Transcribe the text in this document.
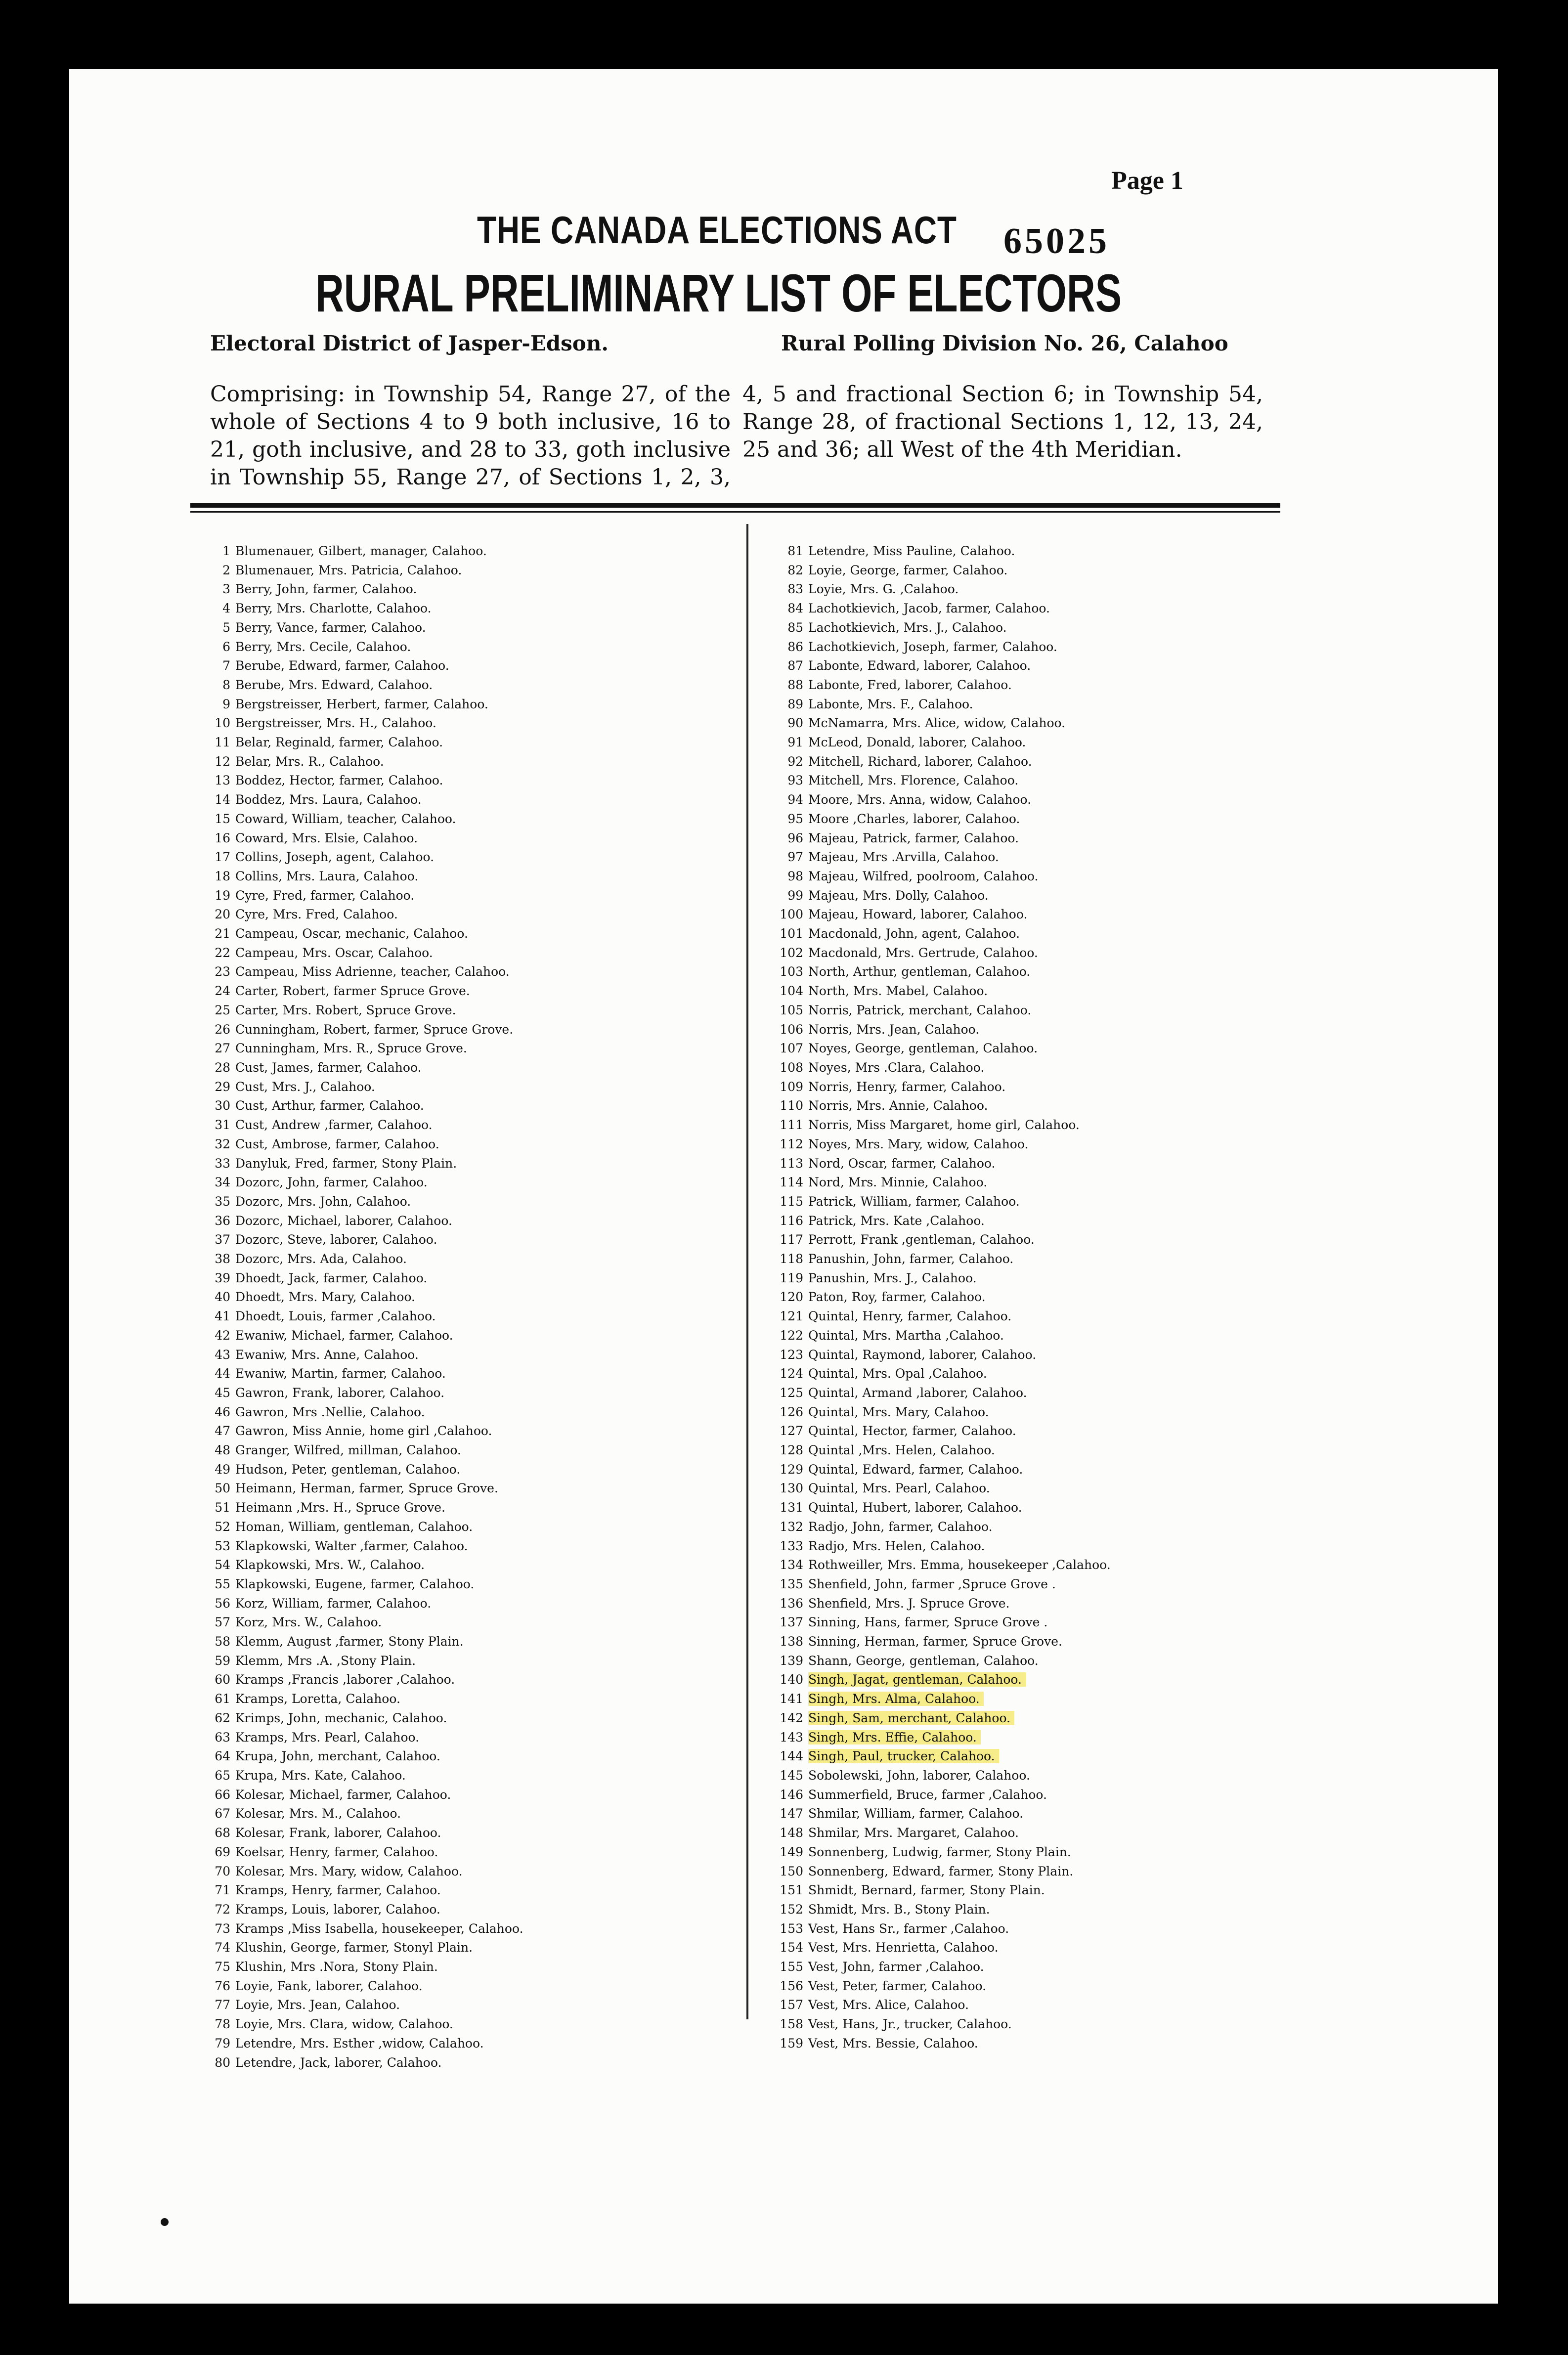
Page 1
THE CANADA ELECTIONS ACT 65025
RURAL PRELIMINARY LIST OF ELECTORS
Electoral District of Jasper-Edson.	Rural Polling Division No. 26, Calahoo
Comprising: in Township 54, Range 27, of the whole of Sections 4 to 9 both inclusive, 16 to 21, goth inclusive, and 28 to 33, goth inclusive in Township 55, Range 27, of Sections 1, 2, 3, 4, 5 and fractional Section 6; in Township 54, Range 28, of fractional Sections 1, 12, 13, 24, 25 and 36; all West of the 4th Meridian.
1 Blumenauer, Gilbert, manager, Calahoo.
2 Blumenauer, Mrs. Patricia, Calahoo.
3 Berry, John, farmer, Calahoo.
4 Berry, Mrs. Charlotte, Calahoo.
5 Berry, Vance, farmer, Calahoo.
6 Berry, Mrs. Cecile, Calahoo.
7 Berube, Edward, farmer, Calahoo.
8 Berube, Mrs. Edward, Calahoo.
9 Bergstreisser, Herbert, farmer, Calahoo.
10 Bergstreisser, Mrs. H., Calahoo.
11 Belar, Reginald, farmer, Calahoo.
12 Belar, Mrs. R., Calahoo.
13 Boddez, Hector, farmer, Calahoo.
14 Boddez, Mrs. Laura, Calahoo.
15 Coward, William, teacher, Calahoo.
16 Coward, Mrs. Elsie, Calahoo.
17 Collins, Joseph, agent, Calahoo.
18 Collins, Mrs. Laura, Calahoo.
19 Cyre, Fred, farmer, Calahoo.
20 Cyre, Mrs. Fred, Calahoo.
21 Campeau, Oscar, mechanic, Calahoo.
22 Campeau, Mrs. Oscar, Calahoo.
23 Campeau, Miss Adrienne, teacher, Calahoo.
24 Carter, Robert, farmer Spruce Grove.
25 Carter, Mrs. Robert, Spruce Grove.
26 Cunningham, Robert, farmer, Spruce Grove.
27 Cunningham, Mrs. R., Spruce Grove.
28 Cust, James, farmer, Calahoo.
29 Cust, Mrs. J., Calahoo.
30 Cust, Arthur, farmer, Calahoo.
31 Cust, Andrew ,farmer, Calahoo.
32 Cust, Ambrose, farmer, Calahoo.
33 Danyluk, Fred, farmer, Stony Plain.
34 Dozorc, John, farmer, Calahoo.
35 Dozorc, Mrs. John, Calahoo.
36 Dozorc, Michael, laborer, Calahoo.
37 Dozorc, Steve, laborer, Calahoo.
38 Dozorc, Mrs. Ada, Calahoo.
39 Dhoedt, Jack, farmer, Calahoo.
40 Dhoedt, Mrs. Mary, Calahoo.
41 Dhoedt, Louis, farmer ,Calahoo.
42 Ewaniw, Michael, farmer, Calahoo.
43 Ewaniw, Mrs. Anne, Calahoo.
44 Ewaniw, Martin, farmer, Calahoo.
45 Gawron, Frank, laborer, Calahoo.
46 Gawron, Mrs .Nellie, Calahoo.
47 Gawron, Miss Annie, home girl ,Calahoo.
48 Granger, Wilfred, millman, Calahoo.
49 Hudson, Peter, gentleman, Calahoo.
50 Heimann, Herman, farmer, Spruce Grove.
51 Heimann ,Mrs. H., Spruce Grove.
52 Homan, William, gentleman, Calahoo.
53 Klapkowski, Walter ,farmer, Calahoo.
54 Klapkowski, Mrs. W., Calahoo.
55 Klapkowski, Eugene, farmer, Calahoo.
56 Korz, William, farmer, Calahoo.
57 Korz, Mrs. W., Calahoo.
58 Klemm, August ,farmer, Stony Plain.
59 Klemm, Mrs .A. ,Stony Plain.
60 Kramps ,Francis ,laborer ,Calahoo.
61 Kramps, Loretta, Calahoo.
62 Krimps, John, mechanic, Calahoo.
63 Kramps, Mrs. Pearl, Calahoo.
64 Krupa, John, merchant, Calahoo.
65 Krupa, Mrs. Kate, Calahoo.
66 Kolesar, Michael, farmer, Calahoo.
67 Kolesar, Mrs. M., Calahoo.
68 Kolesar, Frank, laborer, Calahoo.
69 Koelsar, Henry, farmer, Calahoo.
70 Kolesar, Mrs. Mary, widow, Calahoo.
71 Kramps, Henry, farmer, Calahoo.
72 Kramps, Louis, laborer, Calahoo.
73 Kramps ,Miss Isabella, housekeeper, Calahoo.
74 Klushin, George, farmer, Stonyl Plain.
75 Klushin, Mrs .Nora, Stony Plain.
76 Loyie, Fank, laborer, Calahoo.
77 Loyie, Mrs. Jean, Calahoo.
78 Loyie, Mrs. Clara, widow, Calahoo.
79 Letendre, Mrs. Esther ,widow, Calahoo.
80 Letendre, Jack, laborer, Calahoo.
81 Letendre, Miss Pauline, Calahoo.
82 Loyie, George, farmer, Calahoo.
83 Loyie, Mrs. G. ,Calahoo.
84 Lachotkievich, Jacob, farmer, Calahoo.
85 Lachotkievich, Mrs. J., Calahoo.
86 Lachotkievich, Joseph, farmer, Calahoo.
87 Labonte, Edward, laborer, Calahoo.
88 Labonte, Fred, laborer, Calahoo.
89 Labonte, Mrs. F., Calahoo.
90 McNamarra, Mrs. Alice, widow, Calahoo.
91 McLeod, Donald, laborer, Calahoo.
92 Mitchell, Richard, laborer, Calahoo.
93 Mitchell, Mrs. Florence, Calahoo.
94 Moore, Mrs. Anna, widow, Calahoo.
95 Moore ,Charles, laborer, Calahoo.
96 Majeau, Patrick, farmer, Calahoo.
97 Majeau, Mrs .Arvilla, Calahoo.
98 Majeau, Wilfred, poolroom, Calahoo.
99 Majeau, Mrs. Dolly, Calahoo.
100 Majeau, Howard, laborer, Calahoo.
101 Macdonald, John, agent, Calahoo.
102 Macdonald, Mrs. Gertrude, Calahoo.
103 North, Arthur, gentleman, Calahoo.
104 North, Mrs. Mabel, Calahoo.
105 Norris, Patrick, merchant, Calahoo.
106 Norris, Mrs. Jean, Calahoo.
107 Noyes, George, gentleman, Calahoo.
108 Noyes, Mrs .Clara, Calahoo.
109 Norris, Henry, farmer, Calahoo.
110 Norris, Mrs. Annie, Calahoo.
111 Norris, Miss Margaret, home girl, Calahoo.
112 Noyes, Mrs. Mary, widow, Calahoo.
113 Nord, Oscar, farmer, Calahoo.
114 Nord, Mrs. Minnie, Calahoo.
115 Patrick, William, farmer, Calahoo.
116 Patrick, Mrs. Kate ,Calahoo.
117 Perrott, Frank ,gentleman, Calahoo.
118 Panushin, John, farmer, Calahoo.
119 Panushin, Mrs. J., Calahoo.
120 Paton, Roy, farmer, Calahoo.
121 Quintal, Henry, farmer, Calahoo.
122 Quintal, Mrs. Martha ,Calahoo.
123 Quintal, Raymond, laborer, Calahoo.
124 Quintal, Mrs. Opal ,Calahoo.
125 Quintal, Armand ,laborer, Calahoo.
126 Quintal, Mrs. Mary, Calahoo.
127 Quintal, Hector, farmer, Calahoo.
128 Quintal ,Mrs. Helen, Calahoo.
129 Quintal, Edward, farmer, Calahoo.
130 Quintal, Mrs. Pearl, Calahoo.
131 Quintal, Hubert, laborer, Calahoo.
132 Radjo, John, farmer, Calahoo.
133 Radjo, Mrs. Helen, Calahoo.
134 Rothweiller, Mrs. Emma, housekeeper ,Calahoo.
135 Shenfield, John, farmer ,Spruce Grove .
136 Shenfield, Mrs. J. Spruce Grove.
137 Sinning, Hans, farmer, Spruce Grove .
138 Sinning, Herman, farmer, Spruce Grove.
139 Shann, George, gentleman, Calahoo.
140 Singh, Jagat, gentleman, Calahoo.
141 Singh, Mrs. Alma, Calahoo.
142 Singh, Sam, merchant, Calahoo.
143 Singh, Mrs. Effie, Calahoo.
144 Singh, Paul, trucker, Calahoo.
145 Sobolewski, John, laborer, Calahoo.
146 Summerfield, Bruce, farmer ,Calahoo.
147 Shmilar, William, farmer, Calahoo.
148 Shmilar, Mrs. Margaret, Calahoo.
149 Sonnenberg, Ludwig, farmer, Stony Plain.
150 Sonnenberg, Edward, farmer, Stony Plain.
151 Shmidt, Bernard, farmer, Stony Plain.
152 Shmidt, Mrs. B., Stony Plain.
153 Vest, Hans Sr., farmer ,Calahoo.
154 Vest, Mrs. Henrietta, Calahoo.
155 Vest, John, farmer ,Calahoo.
156 Vest, Peter, farmer, Calahoo.
157 Vest, Mrs. Alice, Calahoo.
158 Vest, Hans, Jr., trucker, Calahoo.
159 Vest, Mrs. Bessie, Calahoo.
